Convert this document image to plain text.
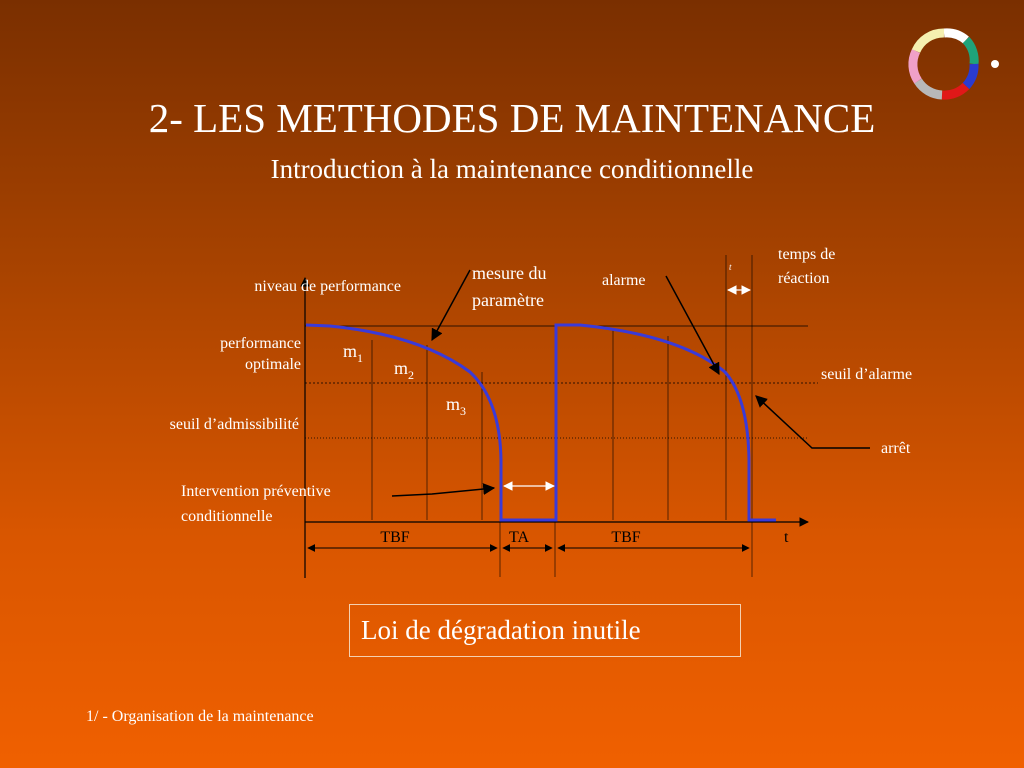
2- LES METHODES DE MAINTENANCE
Introduction à la maintenance conditionnelle
niveau de performance
performance
optimale
seuil d’admissibilité
seuil d’alarme
Intervention préventive
conditionnelle
mesure du
paramètre
alarme
temps de
réaction
t
arrêt
$m_1$ $m_2$
$m_3$
TBF	TA	TBF	t
Loi de dégradation inutile
1/ - Organisation de la maintenance
